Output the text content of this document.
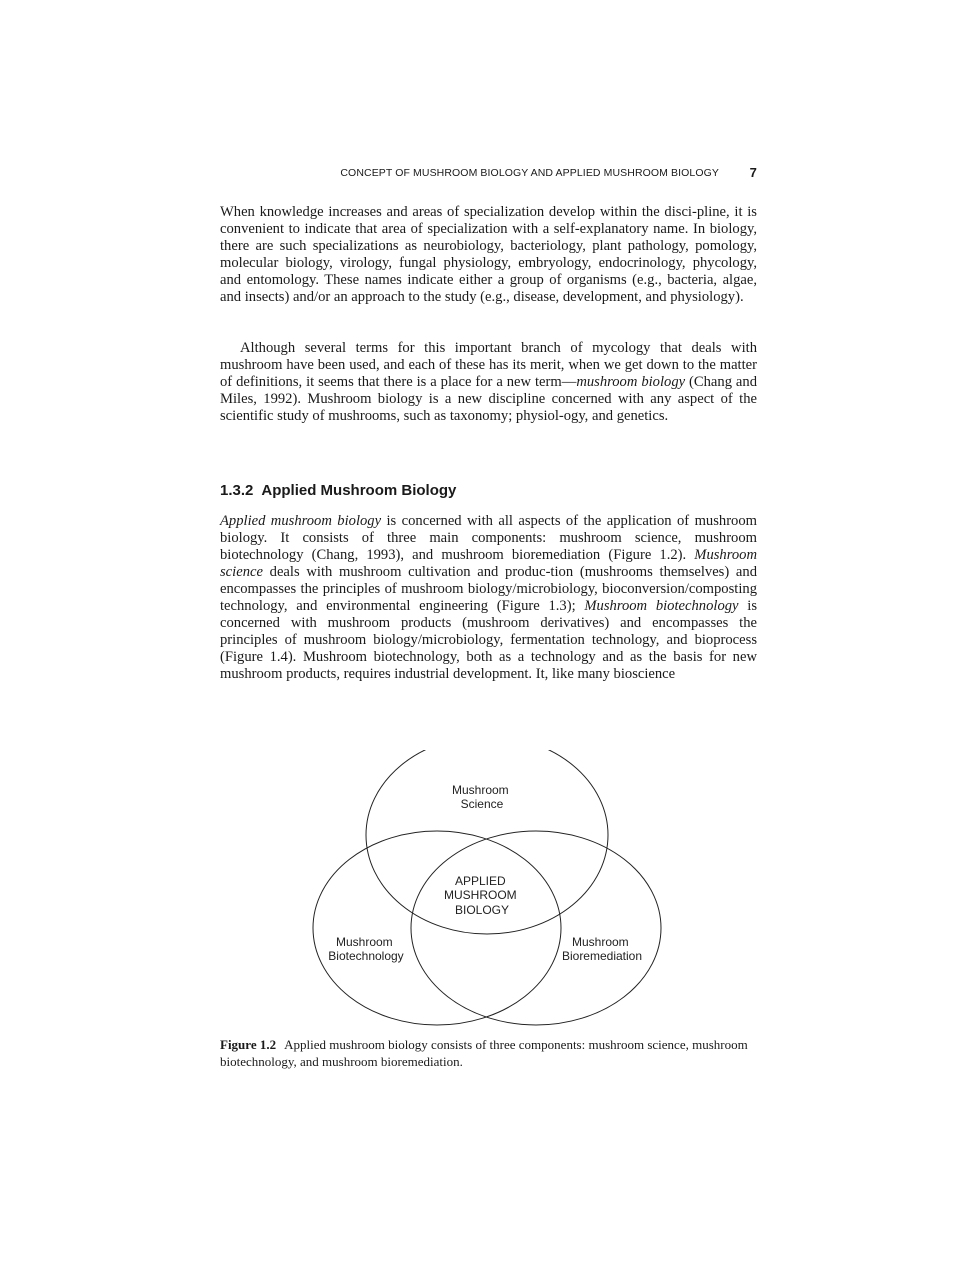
CONCEPT OF MUSHROOM BIOLOGY AND APPLIED MUSHROOM BIOLOGY 7

When knowledge increases and areas of specialization develop within the disci-pline, it is convenient to indicate that area of specialization with a self-explanatory name. In biology, there are such specializations as neurobiology, bacteriology, plant pathology, pomology, molecular biology, virology, fungal physiology, embryology, endocrinology, phycology, and entomology. These names indicate either a group of organisms (e.g., bacteria, algae, and insects) and/or an approach to the study (e.g., disease, development, and physiology).

Although several terms for this important branch of mycology that deals with mushroom have been used, and each of these has its merit, when we get down to the matter of definitions, it seems that there is a place for a new term—mushroom biology (Chang and Miles, 1992). Mushroom biology is a new discipline concerned with any aspect of the scientific study of mushrooms, such as taxonomy; physiol-ogy, and genetics.

1.3.2 Applied Mushroom Biology

Applied mushroom biology is concerned with all aspects of the application of mushroom biology. It consists of three main components: mushroom science, mushroom biotechnology (Chang, 1993), and mushroom bioremediation (Figure 1.2). Mushroom science deals with mushroom cultivation and produc-tion (mushrooms themselves) and encompasses the principles of mushroom biology/microbiology, bioconversion/composting technology, and environmental engineering (Figure 1.3); Mushroom biotechnology is concerned with mushroom products (mushroom derivatives) and encompasses the principles of mushroom biology/microbiology, fermentation technology, and bioprocess (Figure 1.4). Mushroom biotechnology, both as a technology and as the basis for new mushroom products, requires industrial development. It, like many bioscience

Mushroom Science
APPLIED MUSHROOM BIOLOGY
Mushroom Biotechnology
Mushroom Bioremediation

Figure 1.2 Applied mushroom biology consists of three components: mushroom science, mushroom biotechnology, and mushroom bioremediation.
